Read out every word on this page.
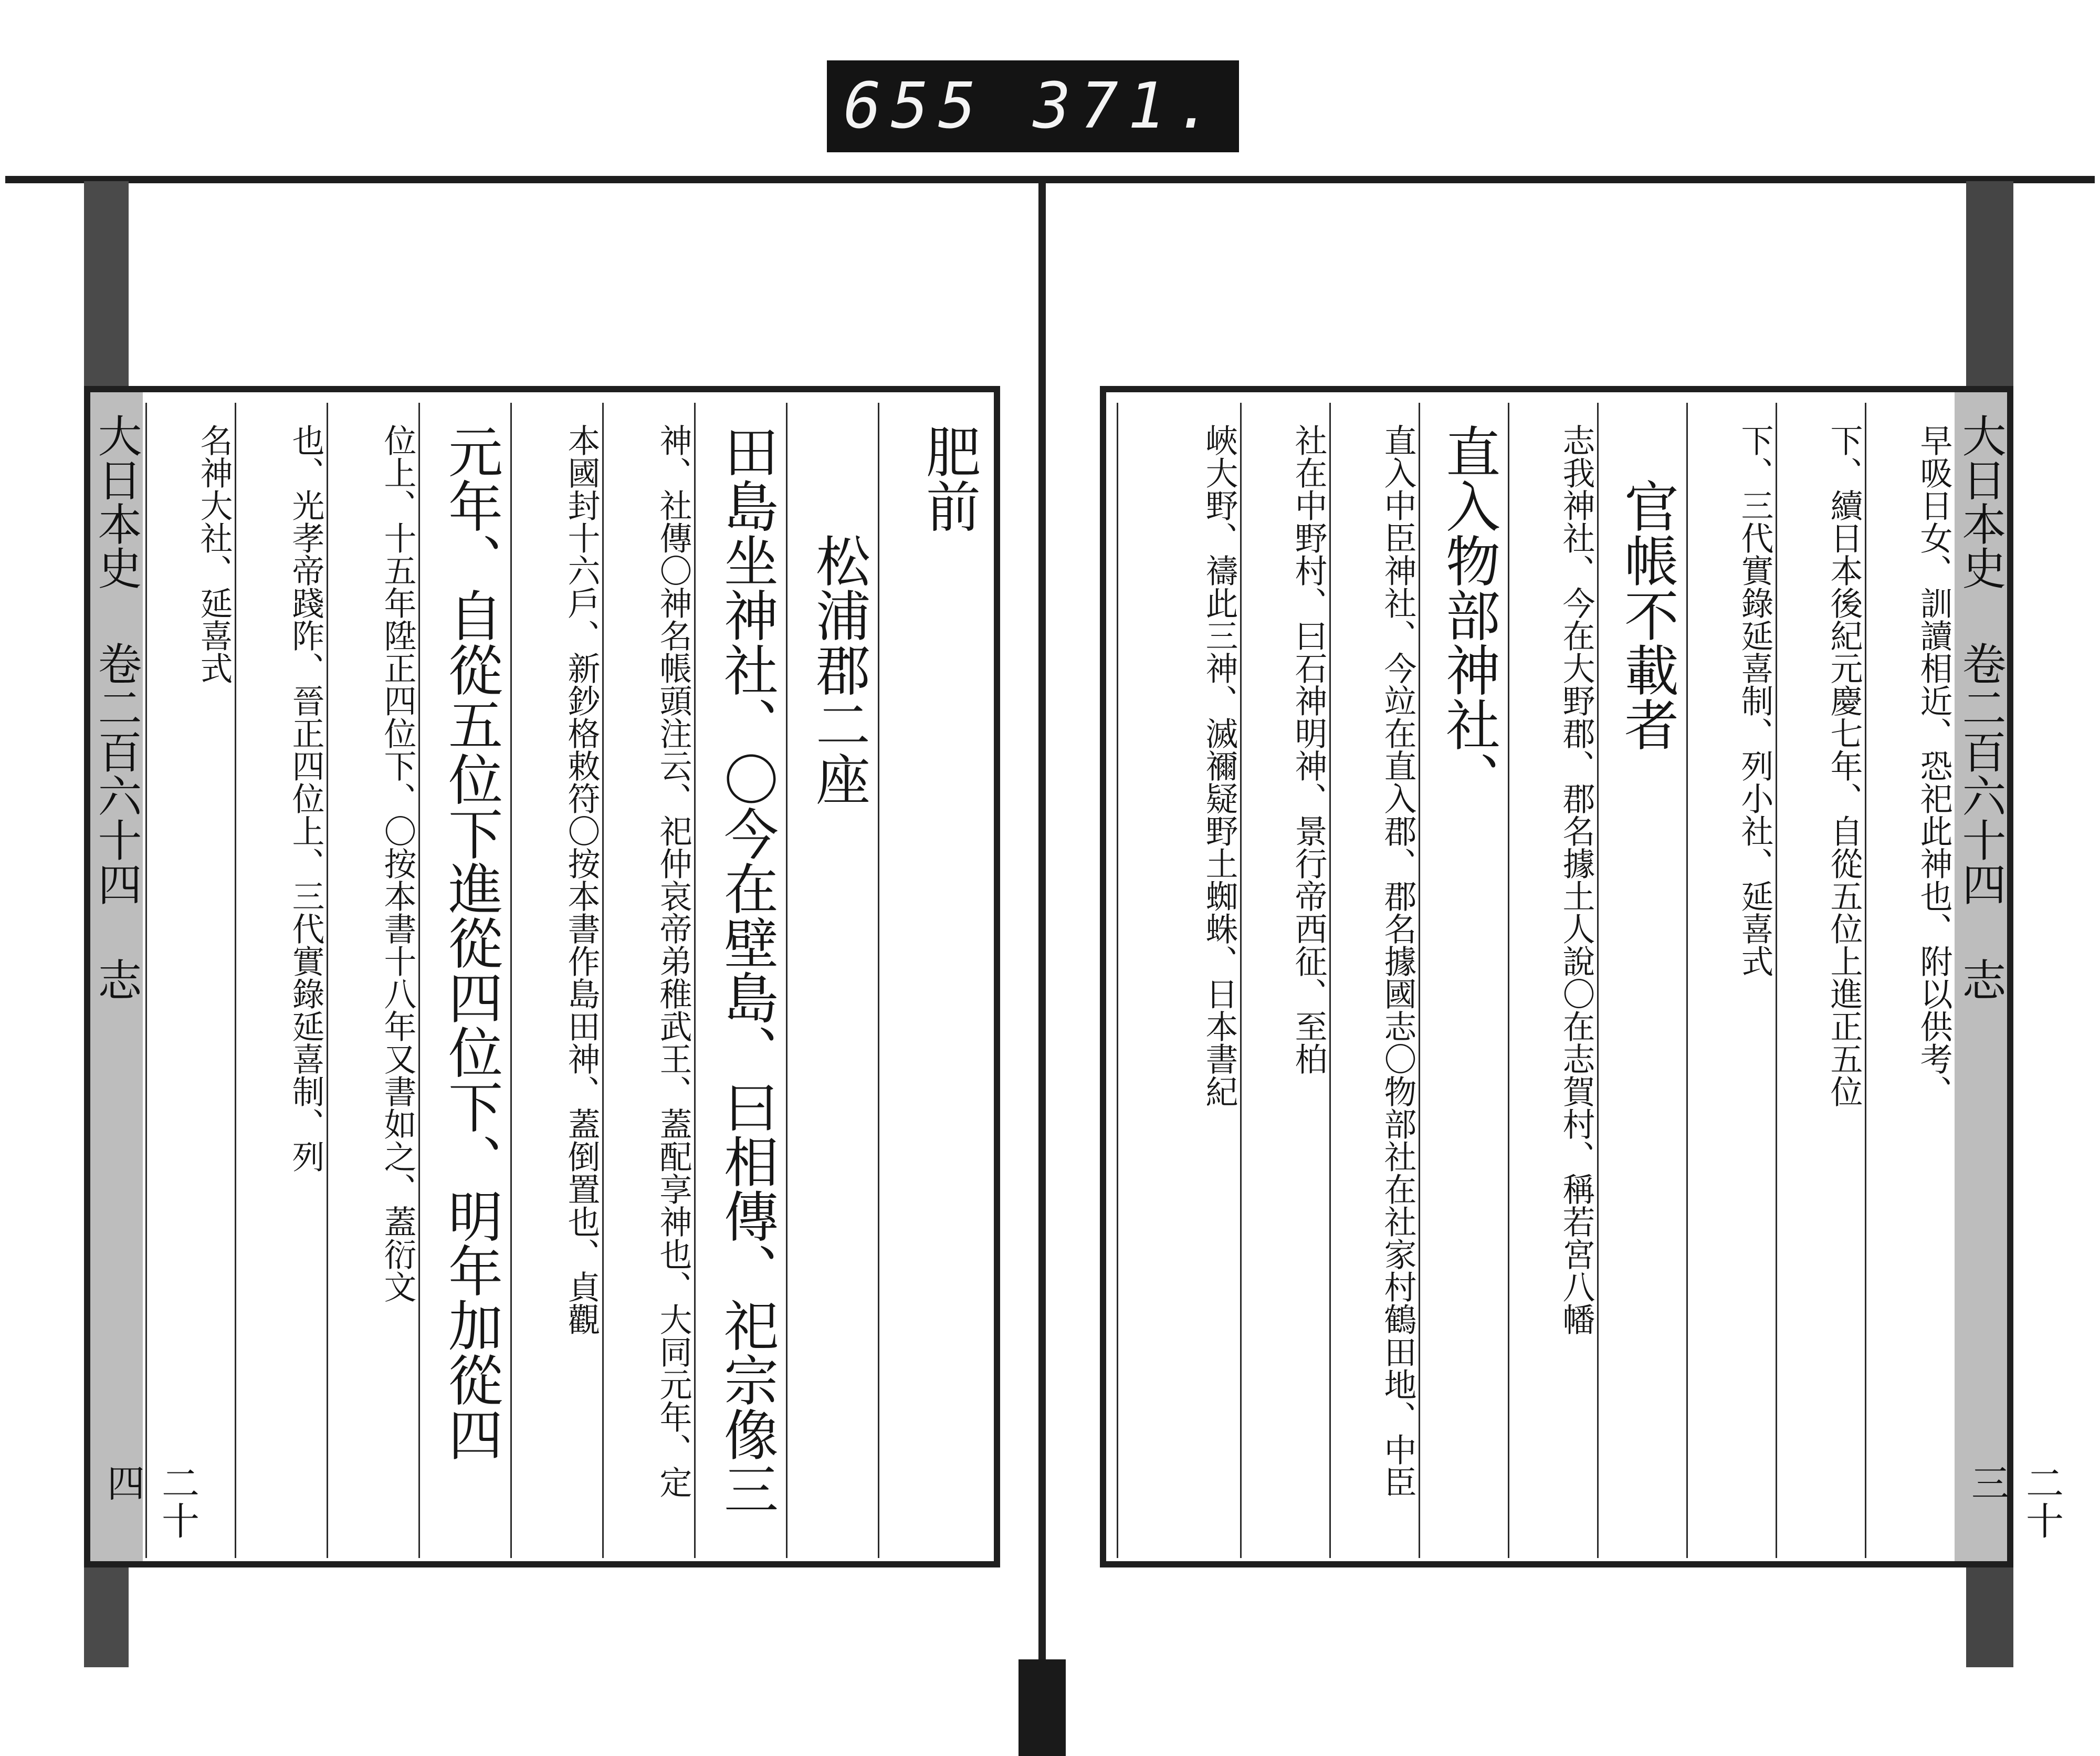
655 371.
肥前
　　松浦郡二座
田島坐神社、〇今在壁島、曰相傳、祀宗像三
神、社傳〇神名帳頭注云、祀仲哀帝弟稚武王、蓋配享神也、大同元年、定
本國封十六戶、新鈔格敕符〇按本書作島田神、蓋倒置也、貞觀
元年、自從五位下進從四位下、明年加從四
位上、十五年陞正四位下、〇按本書十八年又書如之、蓋衍文
也、光孝帝踐阼、晉正四位上、三代實錄延喜制、列
名神大社、延喜式
大日本史 卷二百六十四 志
二十四
大日本史 卷二百六十四 志
二十三
早吸日女、訓讀相近、恐祀此神也、附以供考、
下、續日本後紀元慶七年、自從五位上進正五位
下、三代實錄延喜制、列小社、延喜式
　官帳不載者
志我神社、今在大野郡、郡名據土人說〇在志賀村、稱若宮八幡
直入物部神社、
直入中臣神社、今竝在直入郡、郡名據國志〇物部社在社家村鶴田地、中臣
社在中野村、曰石神明神、景行帝西征、至柏
峽大野、禱此三神、滅禰疑野土蜘蛛、日本書紀
